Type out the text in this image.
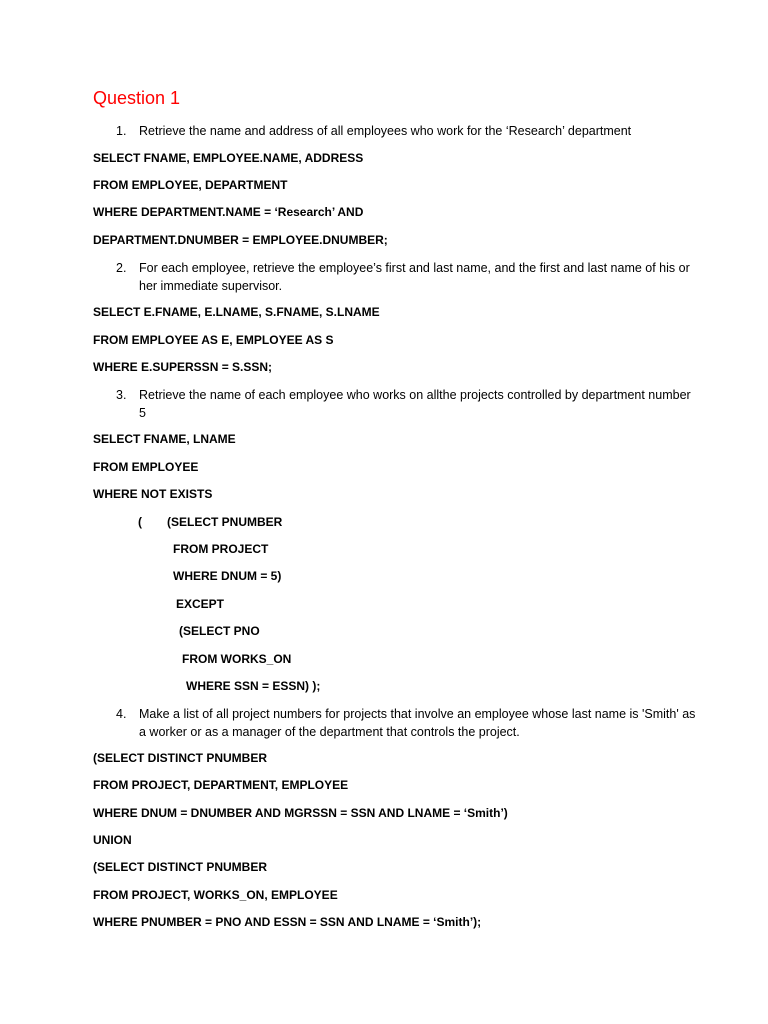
Question 1
1. Retrieve the name and address of all employees who work for the ‘Research’ department

SELECT FNAME, EMPLOYEE.NAME, ADDRESS

FROM EMPLOYEE, DEPARTMENT

WHERE DEPARTMENT.NAME = ‘Research’ AND

DEPARTMENT.DNUMBER = EMPLOYEE.DNUMBER;

2. For each employee, retrieve the employee’s first and last name, and the first and last name of his or her immediate supervisor.

SELECT E.FNAME, E.LNAME, S.FNAME, S.LNAME

FROM EMPLOYEE AS E, EMPLOYEE AS S

WHERE E.SUPERSSN = S.SSN;

3. Retrieve the name of each employee who works on allthe projects controlled by department number 5

SELECT FNAME, LNAME

FROM EMPLOYEE

WHERE NOT EXISTS

( (SELECT PNUMBER

FROM PROJECT

WHERE DNUM = 5)

EXCEPT

(SELECT PNO

FROM WORKS_ON

WHERE SSN = ESSN) );

4. Make a list of all project numbers for projects that involve an employee whose last name is 'Smith' as a worker or as a manager of the department that controls the project.

(SELECT DISTINCT PNUMBER

FROM PROJECT, DEPARTMENT, EMPLOYEE

WHERE DNUM = DNUMBER AND MGRSSN = SSN AND LNAME = ‘Smith’)

UNION

(SELECT DISTINCT PNUMBER

FROM PROJECT, WORKS_ON, EMPLOYEE

WHERE PNUMBER = PNO AND ESSN = SSN AND LNAME = ‘Smith’);
